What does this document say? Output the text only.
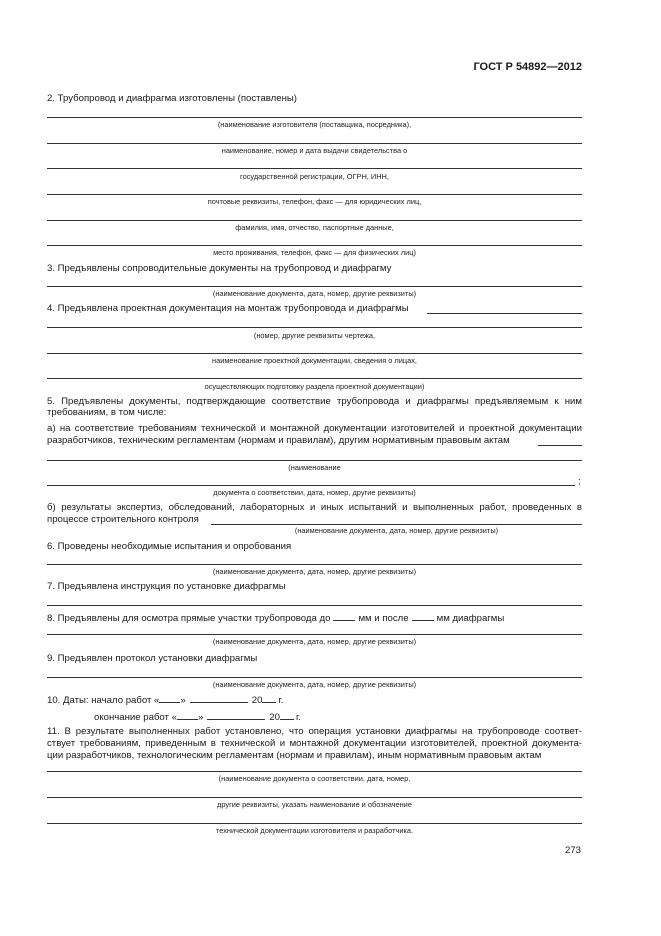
ГОСТ Р 54892—2012
2. Трубопровод и диафрагма изготовлены (поставлены)
(наименование изготовителя (поставщика, посредника),
наименование, номер и дата выдачи свидетельства о
государственной регистрации, ОГРН, ИНН,
почтовые реквизиты, телефон, факс — для юридических лиц,
фамилия, имя, отчество, паспортные данные,
место проживания, телефон, факс — для физических лиц)
3. Предъявлены сопроводительные документы на трубопровод и диафрагму
(наименование документа, дата, номер, другие реквизиты)
4. Предъявлена проектная документация на монтаж трубопровода и диафрагмы
(номер, другие реквизиты чертежа,
наименование проектной документации, сведения о лицах,
осуществляющих подготовку раздела проектной документации)
5. Предъявлены документы, подтверждающие соответствие трубопровода и диафрагмы предъявляемым к ним
требованиям, в том числе:
а) на соответствие требованиям технической и монтажной документации изготовителей и проектной документации
разработчиков, техническим регламентам (нормам и правилам), другим нормативным правовым актам
(наименование
;
документа о соответствии, дата, номер, другие реквизиты)
б) результаты экспертиз, обследований, лабораторных и иных испытаний и выполненных работ, проведенных в
процессе строительного контроля
(наименование документа, дата, номер, другие реквизиты)
6. Проведены необходимые испытания и опробования
(наименование документа, дата, номер, другие реквизиты)
7. Предъявлена инструкция по установке диафрагмы
8. Предъявлены для осмотра прямые участки трубопровода до	мм и после	мм диафрагмы
(наименование документа, дата, номер, другие реквизиты)
9. Предъявлен протокол установки диафрагмы
(наименование документа, дата, номер, другие реквизиты)
10. Даты: начало работ « »	20 г.
окончание работ « »	20 г.
11. В результате выполненных работ установлено, что операция установки диафрагмы на трубопроводе соответ-
ствует требованиям, приведенным в технической и монтажной документации изготовителей, проектной документа-
ции разработчиков, технологическим регламентам (нормам и правилам), иным нормативным правовым актам
(наименование документа о соответствии, дата, номер,
другие реквизиты, указать наименование и обозначение
технической документации изготовителя и разработчика.
273
